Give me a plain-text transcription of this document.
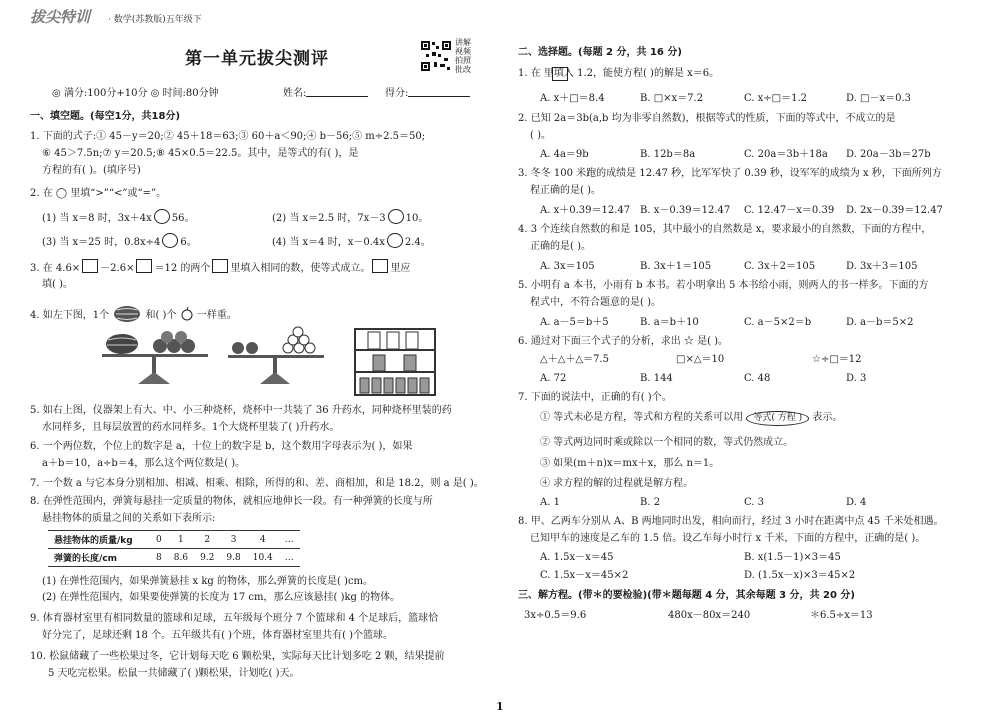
拔尖特训 · 数学(苏教版)五年级下
第一单元拔尖测评
讲解视频 拍照批改
◎ 满分:100分+10分 ◎ 时间:80分钟	姓名:	得分:
一、填空题。(每空1分，共18分)
1. 下面的式子:① 45－y＝20;② 45＋18＝63;③ 60＋a＜90;④ b－56;⑤ m÷2.5＝50;
⑥ 45＞7.5n;⑦ y＝20.5;⑧ 45×0.5＝22.5。其中，是等式的有( )，是
方程的有( )。(填序号)
2. 在 ◯ 里填“>”“<”或“=”。
(1) 当 x＝8 时，3x＋4x 56。	(2) 当 x＝2.5 时，7x－3 10。
(3) 当 x＝25 时，0.8x÷4 6。	(4) 当 x＝4 时，x－0.4x 2.4。
3. 在 4.6× －2.6× ＝12 的两个 里填入相同的数，使等式成立。 里应
填( )。
4. 如左下图，1个	和( )个 一样重。
5. 如右上图，仪器架上有大、中、小三种烧杯，烧杯中一共装了 36 升药水，同种烧杯里装的药
水同样多，且每层放置的药水同样多。1个大烧杯里装了( )升药水。
6. 一个两位数，个位上的数字是 a，十位上的数字是 b，这个数用字母表示为( )，如果
a＋b＝10，a÷b＝4，那么这个两位数是( )。
7. 一个数 a 与它本身分别相加、相减、相乘、相除，所得的和、差、商相加，和是 18.2，则 a 是( )。
8. 在弹性范围内，弹簧每悬挂一定质量的物体，就相应地伸长一段。有一种弹簧的长度与所
悬挂物体的质量之间的关系如下表所示:
悬挂物体的质量/kg	0	1	2	3	4	…
弹簧的长度/cm	8	8.6	9.2	9.8	10.4	…
(1) 在弹性范围内，如果弹簧悬挂 x kg 的物体，那么弹簧的长度是( )cm。
(2) 在弹性范围内，如果要使弹簧的长度为 17 cm，那么应该悬挂( )kg 的物体。
9. 体育器材室里有相同数量的篮球和足球，五年级每个班分 7 个篮球和 4 个足球后，篮球恰
好分完了，足球还剩 18 个。五年级共有( )个班，体育器材室里共有( )个篮球。
10. 松鼠储藏了一些松果过冬，它计划每天吃 6 颗松果，实际每天比计划多吃 2 颗，结果提前
5 天吃完松果。松鼠一共储藏了( )颗松果，计划吃( )天。
二、选择题。(每题 2 分，共 16 分)
1. 在 里填入 1.2，能使方程( )的解是 x＝6。
A. x＋□＝8.4	B. □×x＝7.2	C. x÷□＝1.2	D. □－x＝0.3
2. 已知 2a＝3b(a,b 均为非零自然数)，根据等式的性质，下面的等式中，不成立的是
( )。
A. 4a＝9b	B. 12b＝8a	C. 20a＝3b＋18a D. 20a－3b＝27b
3. 冬冬 100 米跑的成绩是 12.47 秒，比军军快了 0.39 秒，设军军的成绩为 x 秒，下面所列方
程正确的是( )。
A. x＋0.39＝12.47 B. x－0.39＝12.47 C. 12.47－x＝0.39 D. 2x－0.39＝12.47
4. 3 个连续自然数的和是 105，其中最小的自然数是 x，要求最小的自然数，下面的方程中，
正确的是( )。
A. 3x＝105	B. 3x＋1＝105	C. 3x＋2＝105	D. 3x＋3＝105
5. 小明有 a 本书，小雨有 b 本书。若小明拿出 5 本书给小雨，则两人的书一样多。下面的方
程式中，不符合题意的是( )。
A. a－5＝b＋5	B. a＝b＋10	C. a－5×2＝b	D. a－b＝5×2
6. 通过对下面三个式子的分析，求出 ☆ 是( )。
△＋△＋△＝7.5	□×△＝10	☆÷□＝12
A. 72	B. 144	C. 48	D. 3
7. 下面的说法中，正确的有( )个。
① 等式未必是方程，等式和方程的关系可以用 等式( 方程 ) 表示。
② 等式两边同时乘或除以一个相同的数，等式仍然成立。
③ 如果(m＋n)x＝mx＋x，那么 n＝1。
④ 求方程的解的过程就是解方程。
A. 1	B. 2	C. 3	D. 4
8. 甲、乙两车分别从 A、B 两地同时出发，相向而行，经过 3 小时在距离中点 45 千米处相遇。
已知甲车的速度是乙车的 1.5 倍。设乙车每小时行 x 千米，下面的方程中，正确的是( )。
A. 1.5x－x＝45	B. x(1.5－1)×3＝45
C. 1.5x－x＝45×2	D. (1.5x－x)×3＝45×2
三、解方程。(带＊的要检验)(带＊题每题 4 分，其余每题 3 分，共 20 分)
3x÷0.5＝9.6	480x－80x＝240	＊6.5÷x＝13
1
